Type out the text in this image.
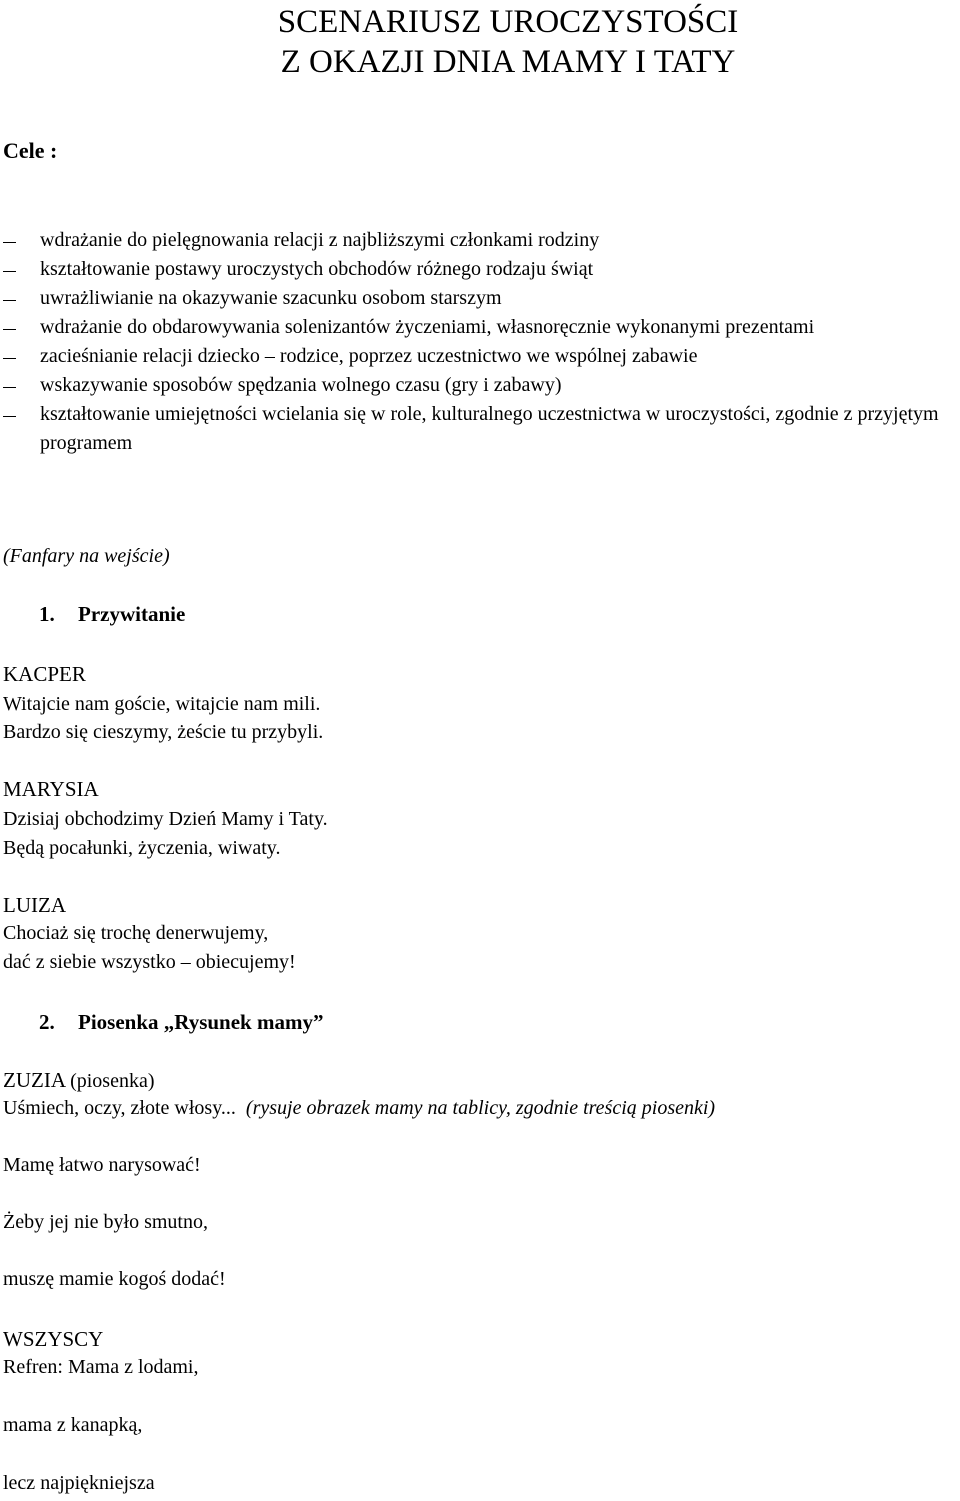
SCENARIUSZ UROCZYSTOŚCI
Z OKAZJI DNIA MAMY I TATY
Cele :
wdrażanie do pielęgnowania relacji z najbliższymi członkami rodziny
kształtowanie postawy uroczystych obchodów różnego rodzaju świąt
uwrażliwianie na okazywanie szacunku osobom starszym
wdrażanie do obdarowywania solenizantów życzeniami, własnoręcznie wykonanymi prezentami
zacieśnianie relacji dziecko – rodzice, poprzez uczestnictwo we wspólnej zabawie
wskazywanie sposobów spędzania wolnego czasu (gry i zabawy)
kształtowanie umiejętności wcielania się w role, kulturalnego uczestnictwa w uroczystości, zgodnie z przyjętym programem
(Fanfary na wejście)
1. Przywitanie
KACPER
Witajcie nam goście, witajcie nam mili.
Bardzo się cieszymy, żeście tu przybyli.
MARYSIA
Dzisiaj obchodzimy Dzień Mamy i Taty.
Będą pocałunki, życzenia, wiwaty.
LUIZA
Chociaż się trochę denerwujemy,
dać z siebie wszystko – obiecujemy!
2. Piosenka „Rysunek mamy”
ZUZIA (piosenka)
Uśmiech, oczy, złote włosy... (rysuje obrazek mamy na tablicy, zgodnie treścią piosenki)
Mamę łatwo narysować!
Żeby jej nie było smutno,
muszę mamie kogoś dodać!
WSZYSCY
Refren: Mama z lodami,
mama z kanapką,
lecz najpiękniejsza
